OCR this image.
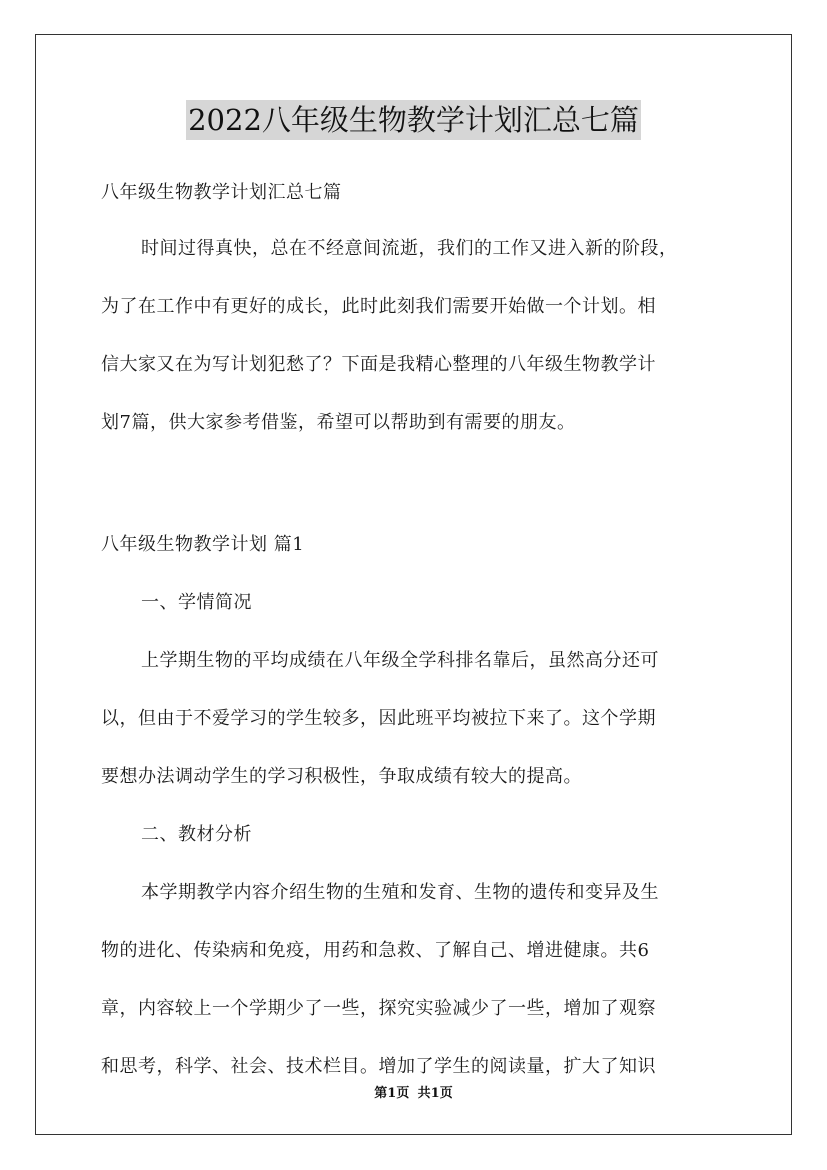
2022八年级生物教学计划汇总七篇
八年级生物教学计划汇总七篇
时间过得真快，总在不经意间流逝，我们的工作又进入新的阶段，
为了在工作中有更好的成长，此时此刻我们需要开始做一个计划。相
信大家又在为写计划犯愁了？下面是我精心整理的八年级生物教学计
划7篇，供大家参考借鉴，希望可以帮助到有需要的朋友。
八年级生物教学计划 篇1
一、学情简况
上学期生物的平均成绩在八年级全学科排名靠后，虽然高分还可
以，但由于不爱学习的学生较多，因此班平均被拉下来了。这个学期
要想办法调动学生的学习积极性，争取成绩有较大的提高。
二、教材分析
本学期教学内容介绍生物的生殖和发育、生物的遗传和变异及生
物的进化、传染病和免疫，用药和急救、了解自己、增进健康。共6
章，内容较上一个学期少了一些，探究实验减少了一些，增加了观察
和思考，科学、社会、技术栏目。增加了学生的阅读量，扩大了知识
第1页 共1页
